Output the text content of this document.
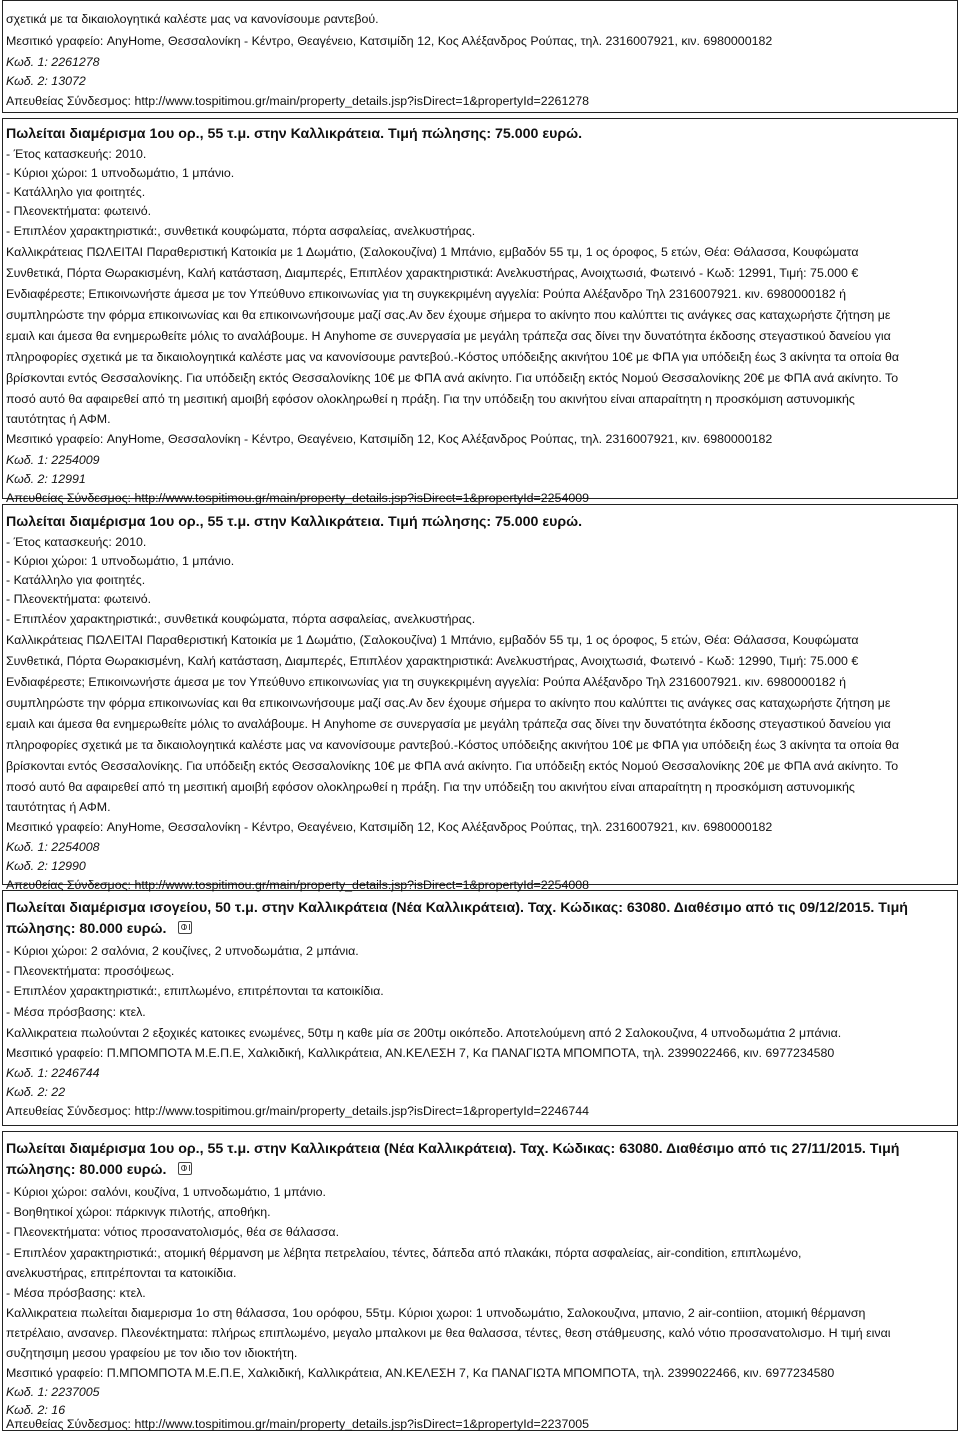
σχετικά με τα δικαιολογητικά καλέστε μας να κανονίσουμε ραντεβού.
Μεσιτικό γραφείο: AnyHome, Θεσσαλονίκη - Κέντρο, Θεαγένειο, Κατσιμίδη 12, Κος Αλέξανδρος Ρούπας, τηλ. 2316007921, κιν. 6980000182
Κωδ. 1: 2261278
Κωδ. 2: 13072
Απευθείας Σύνδεσμος: http://www.tospitimou.gr/main/property_details.jsp?isDirect=1&propertyId=2261278
Πωλείται διαμέρισμα 1ου ορ., 55 τ.μ. στην Καλλικράτεια. Τιμή πώλησης: 75.000 ευρώ.
- Έτος κατασκευής: 2010.
- Κύριοι χώροι: 1 υπνοδωμάτιο, 1 μπάνιο.
- Κατάλληλο για φοιτητές.
- Πλεονεκτήματα: φωτεινό.
- Επιπλέον χαρακτηριστικά:, συνθετικά κουφώματα, πόρτα ασφαλείας, ανελκυστήρας.
Καλλικράτειας ΠΩΛΕΙΤΑΙ Παραθεριστική Κατοικία με 1 Δωμάτιο, (Σαλοκουζίνα) 1 Μπάνιο, εμβαδόν 55 τμ, 1 ος όροφος, 5 ετών, Θέα: Θάλασσα, Κουφώματα
Συνθετικά, Πόρτα Θωρακισμένη, Καλή κατάσταση, Διαμπερές, Επιπλέον χαρακτηριστικά: Ανελκυστήρας, Ανοιχτωσιά, Φωτεινό - Κωδ: 12991, Τιμή: 75.000 €
Ενδιαφέρεστε; Επικοινωνήστε άμεσα με τον Υπεύθυνο επικοινωνίας για τη συγκεκριμένη αγγελία: Ρούπα Αλέξανδρο Τηλ 2316007921. κιν. 6980000182 ή
συμπληρώστε την φόρμα επικοινωνίας και θα επικοινωνήσουμε μαζί σας.Αν δεν έχουμε σήμερα το ακίνητο που καλύπτει τις ανάγκες σας καταχωρήστε ζήτηση με
εμαιλ και άμεσα θα ενημερωθείτε μόλις το αναλάβουμε. Η Anyhome σε συνεργασία με μεγάλη τράπεζα σας δίνει την δυνατότητα έκδοσης στεγαστικού δανείου για
πληροφορίες σχετικά με τα δικαιολογητικά καλέστε μας να κανονίσουμε ραντεβού.-Κόστος υπόδειξης ακινήτου 10€ με ΦΠΑ για υπόδειξη έως 3 ακίνητα τα οποία θα
βρίσκονται εντός Θεσσαλονίκης. Για υπόδειξη εκτός Θεσσαλονίκης 10€ με ΦΠΑ ανά ακίνητο. Για υπόδειξη εκτός Νομού Θεσσαλονίκης 20€ με ΦΠΑ ανά ακίνητο. Το
ποσό αυτό θα αφαιρεθεί από τη μεσιτική αμοιβή εφόσον ολοκληρωθεί η πράξη. Για την υπόδειξη του ακινήτου είναι απαραίτητη η προσκόμιση αστυνομικής
ταυτότητας ή ΑΦΜ.
Μεσιτικό γραφείο: AnyHome, Θεσσαλονίκη - Κέντρο, Θεαγένειο, Κατσιμίδη 12, Κος Αλέξανδρος Ρούπας, τηλ. 2316007921, κιν. 6980000182
Κωδ. 1: 2254009
Κωδ. 2: 12991
Απευθείας Σύνδεσμος: http://www.tospitimou.gr/main/property_details.jsp?isDirect=1&propertyId=2254009
Πωλείται διαμέρισμα 1ου ορ., 55 τ.μ. στην Καλλικράτεια. Τιμή πώλησης: 75.000 ευρώ.
- Έτος κατασκευής: 2010.
- Κύριοι χώροι: 1 υπνοδωμάτιο, 1 μπάνιο.
- Κατάλληλο για φοιτητές.
- Πλεονεκτήματα: φωτεινό.
- Επιπλέον χαρακτηριστικά:, συνθετικά κουφώματα, πόρτα ασφαλείας, ανελκυστήρας.
Καλλικράτειας ΠΩΛΕΙΤΑΙ Παραθεριστική Κατοικία με 1 Δωμάτιο, (Σαλοκουζίνα) 1 Μπάνιο, εμβαδόν 55 τμ, 1 ος όροφος, 5 ετών, Θέα: Θάλασσα, Κουφώματα
Συνθετικά, Πόρτα Θωρακισμένη, Καλή κατάσταση, Διαμπερές, Επιπλέον χαρακτηριστικά: Ανελκυστήρας, Ανοιχτωσιά, Φωτεινό - Κωδ: 12990, Τιμή: 75.000 €
Ενδιαφέρεστε; Επικοινωνήστε άμεσα με τον Υπεύθυνο επικοινωνίας για τη συγκεκριμένη αγγελία: Ρούπα Αλέξανδρο Τηλ 2316007921. κιν. 6980000182 ή
συμπληρώστε την φόρμα επικοινωνίας και θα επικοινωνήσουμε μαζί σας.Αν δεν έχουμε σήμερα το ακίνητο που καλύπτει τις ανάγκες σας καταχωρήστε ζήτηση με
εμαιλ και άμεσα θα ενημερωθείτε μόλις το αναλάβουμε. Η Anyhome σε συνεργασία με μεγάλη τράπεζα σας δίνει την δυνατότητα έκδοσης στεγαστικού δανείου για
πληροφορίες σχετικά με τα δικαιολογητικά καλέστε μας να κανονίσουμε ραντεβού.-Κόστος υπόδειξης ακινήτου 10€ με ΦΠΑ για υπόδειξη έως 3 ακίνητα τα οποία θα
βρίσκονται εντός Θεσσαλονίκης. Για υπόδειξη εκτός Θεσσαλονίκης 10€ με ΦΠΑ ανά ακίνητο. Για υπόδειξη εκτός Νομού Θεσσαλονίκης 20€ με ΦΠΑ ανά ακίνητο. Το
ποσό αυτό θα αφαιρεθεί από τη μεσιτική αμοιβή εφόσον ολοκληρωθεί η πράξη. Για την υπόδειξη του ακινήτου είναι απαραίτητη η προσκόμιση αστυνομικής
ταυτότητας ή ΑΦΜ.
Μεσιτικό γραφείο: AnyHome, Θεσσαλονίκη - Κέντρο, Θεαγένειο, Κατσιμίδη 12, Κος Αλέξανδρος Ρούπας, τηλ. 2316007921, κιν. 6980000182
Κωδ. 1: 2254008
Κωδ. 2: 12990
Απευθείας Σύνδεσμος: http://www.tospitimou.gr/main/property_details.jsp?isDirect=1&propertyId=2254008
Πωλείται διαμέρισμα ισογείου, 50 τ.μ. στην Καλλικράτεια (Νέα Καλλικράτεια). Ταχ. Κώδικας: 63080. Διαθέσιμο από τις 09/12/2015. Τιμή
πώλησης: 80.000 ευρώ.
- Κύριοι χώροι: 2 σαλόνια, 2 κουζίνες, 2 υπνοδωμάτια, 2 μπάνια.
- Πλεονεκτήματα: προσόψεως.
- Επιπλέον χαρακτηριστικά:, επιπλωμένο, επιτρέπονται τα κατοικίδια.
- Μέσα πρόσβασης: κτελ.
Καλλικρατεια πωλούνται 2 εξοχικές κατοικες ενωμένες, 50τμ η καθε μία σε 200τμ οικόπεδο. Αποτελούμενη από 2 Σαλοκουζινα, 4 υπνοδωμάτια 2 μπάνια.
Μεσιτικό γραφείο: Π.ΜΠΟΜΠΟΤΑ Μ.Ε.Π.Ε, Χαλκιδική, Καλλικράτεια, ΑΝ.ΚΕΛΕΣΗ 7, Κα ΠΑΝΑΓΙΩΤΑ ΜΠΟΜΠΟΤΑ, τηλ. 2399022466, κιν. 6977234580
Κωδ. 1: 2246744
Κωδ. 2: 22
Απευθείας Σύνδεσμος: http://www.tospitimou.gr/main/property_details.jsp?isDirect=1&propertyId=2246744
Πωλείται διαμέρισμα 1ου ορ., 55 τ.μ. στην Καλλικράτεια (Νέα Καλλικράτεια). Ταχ. Κώδικας: 63080. Διαθέσιμο από τις 27/11/2015. Τιμή
πώλησης: 80.000 ευρώ.
- Κύριοι χώροι: σαλόνι, κουζίνα, 1 υπνοδωμάτιο, 1 μπάνιο.
- Βοηθητικοί χώροι: πάρκινγκ πιλοτής, αποθήκη.
- Πλεονεκτήματα: νότιος προσανατολισμός, θέα σε θάλασσα.
- Επιπλέον χαρακτηριστικά:, ατομική θέρμανση με λέβητα πετρελαίου, τέντες, δάπεδα από πλακάκι, πόρτα ασφαλείας, air-condition, επιπλωμένο,
ανελκυστήρας, επιτρέπονται τα κατοικίδια.
- Μέσα πρόσβασης: κτελ.
Καλλικρατεια πωλείται διαμερισμα 1ο στη θάλασσα, 1ου ορόφου, 55τμ. Κύριοι χωροι: 1 υπνοδωμάτιο, Σαλοκουζινα, μπανιο, 2 air-contiion, ατομική θέρμανση
πετρέλαιο, ανσανερ. Πλεονέκτηματα: πλήρως επιπλωμένο, μεγαλο μπαλκονι με θεα θαλασσα, τέντες, θεση στάθμευσης, καλό νότιο προσανατολισμο. Η τιμή ειναι
συζητησιμη μεσου γραφείου με τον ιδιο τον ιδιοκτήτη.
Μεσιτικό γραφείο: Π.ΜΠΟΜΠΟΤΑ Μ.Ε.Π.Ε, Χαλκιδική, Καλλικράτεια, ΑΝ.ΚΕΛΕΣΗ 7, Κα ΠΑΝΑΓΙΩΤΑ ΜΠΟΜΠΟΤΑ, τηλ. 2399022466, κιν. 6977234580
Κωδ. 1: 2237005
Κωδ. 2: 16
Απευθείας Σύνδεσμος: http://www.tospitimou.gr/main/property_details.jsp?isDirect=1&propertyId=2237005
